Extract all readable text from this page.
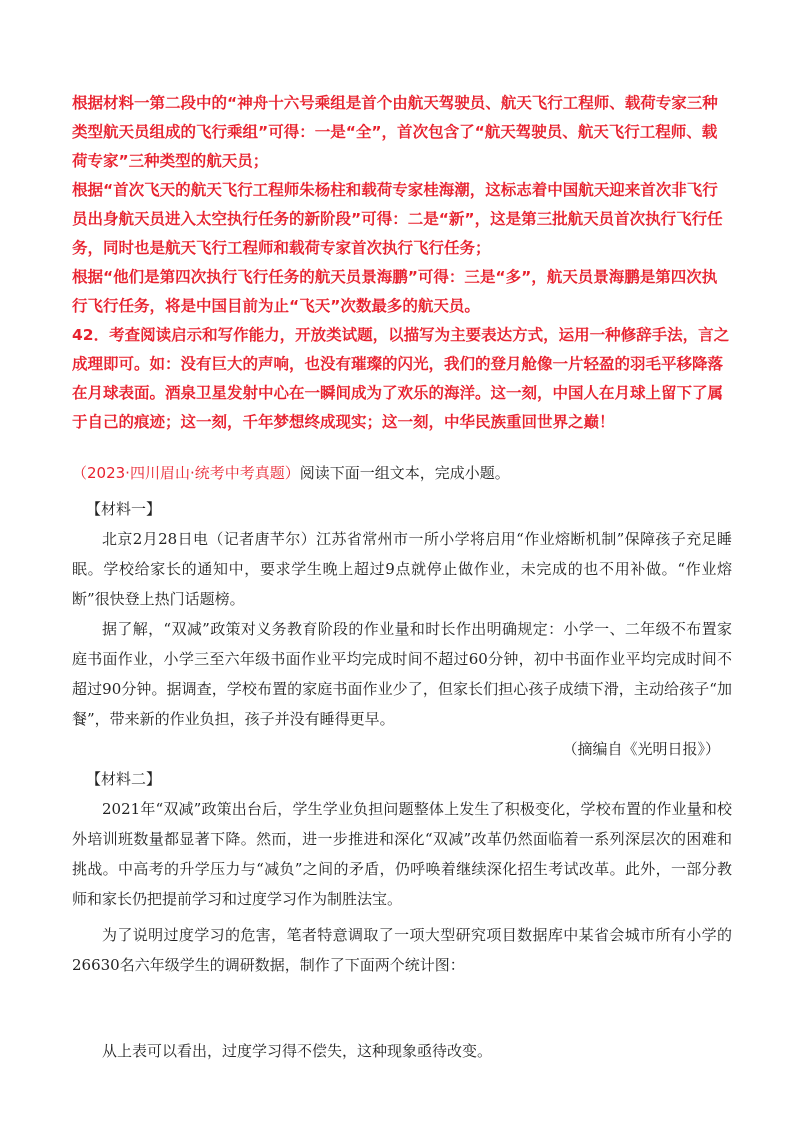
根据材料一第二段中的“神舟十六号乘组是首个由航天驾驶员、航天飞行工程师、载荷专家三种类型航天员组成的飞行乘组”可得：一是“全”，首次包含了“航天驾驶员、航天飞行工程师、载荷专家”三种类型的航天员；

根据“首次飞天的航天飞行工程师朱杨柱和载荷专家桂海潮，这标志着中国航天迎来首次非飞行员出身航天员进入太空执行任务的新阶段”可得：二是“新”，这是第三批航天员首次执行飞行任务，同时也是航天飞行工程师和载荷专家首次执行飞行任务；

根据“他们是第四次执行飞行任务的航天员景海鹏”可得：三是“多”，航天员景海鹏是第四次执行飞行任务，将是中国目前为止“飞天”次数最多的航天员。

42．考查阅读启示和写作能力，开放类试题，以描写为主要表达方式，运用一种修辞手法，言之成理即可。如：没有巨大的声响，也没有璀璨的闪光，我们的登月舱像一片轻盈的羽毛平移降落在月球表面。酒泉卫星发射中心在一瞬间成为了欢乐的海洋。这一刻，中国人在月球上留下了属于自己的痕迹；这一刻，千年梦想终成现实；这一刻，中华民族重回世界之巅！

（2023·四川眉山·统考中考真题）阅读下面一组文本，完成小题。

【材料一】

北京2月28日电（记者唐芊尔）江苏省常州市一所小学将启用“作业熔断机制”保障孩子充足睡眠。学校给家长的通知中，要求学生晚上超过9点就停止做作业，未完成的也不用补做。“作业熔断”很快登上热门话题榜。

据了解，“双减”政策对义务教育阶段的作业量和时长作出明确规定：小学一、二年级不布置家庭书面作业，小学三至六年级书面作业平均完成时间不超过60分钟，初中书面作业平均完成时间不超过90分钟。据调查，学校布置的家庭书面作业少了，但家长们担心孩子成绩下滑，主动给孩子“加餐”，带来新的作业负担，孩子并没有睡得更早。

（摘编自《光明日报》）

【材料二】

2021年“双减”政策出台后，学生学业负担问题整体上发生了积极变化，学校布置的作业量和校外培训班数量都显著下降。然而，进一步推进和深化“双减”改革仍然面临着一系列深层次的困难和挑战。中高考的升学压力与“减负”之间的矛盾，仍呼唤着继续深化招生考试改革。此外，一部分教师和家长仍把提前学习和过度学习作为制胜法宝。

为了说明过度学习的危害，笔者特意调取了一项大型研究项目数据库中某省会城市所有小学的26630名六年级学生的调研数据，制作了下面两个统计图：

从上表可以看出，过度学习得不偿失，这种现象亟待改变。
